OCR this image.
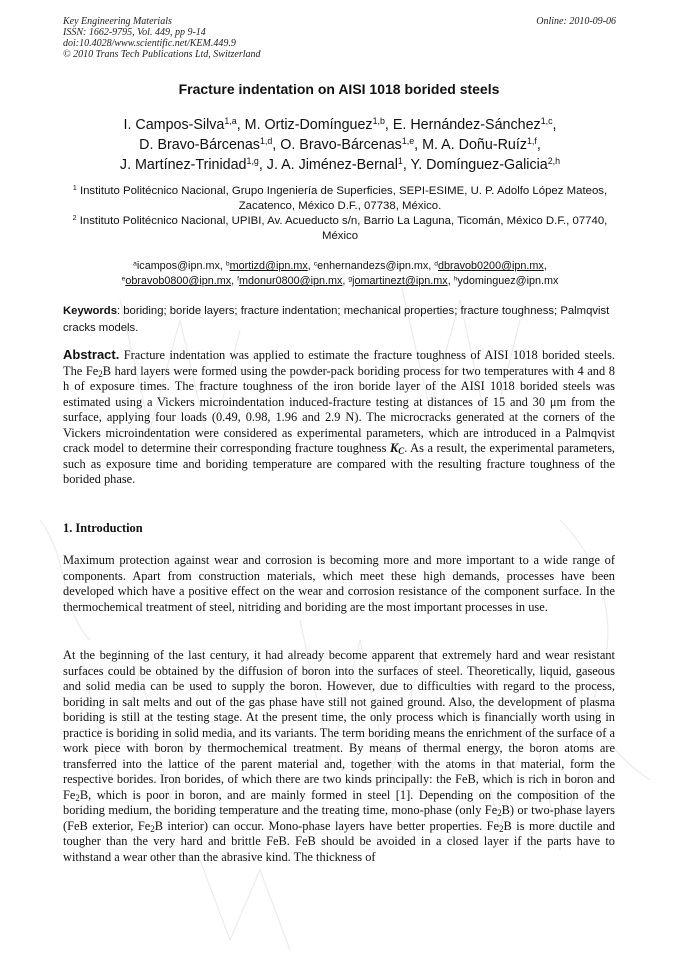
Key Engineering Materials
ISSN: 1662-9795, Vol. 449, pp 9-14
doi:10.4028/www.scientific.net/KEM.449.9
© 2010 Trans Tech Publications Ltd, Switzerland
Online: 2010-09-06
Fracture indentation on AISI 1018 borided steels
I. Campos-Silva$^{1,a}$, M. Ortiz-Domínguez$^{1,b}$, E. Hernández-Sánchez$^{1,c}$,
D. Bravo-Bárcenas$^{1,d}$, O. Bravo-Bárcenas$^{1,e}$, M. A. Doñu-Ruíz$^{1,f}$,
J. Martínez-Trinidad$^{1,g}$, J. A. Jiménez-Bernal$^1$, Y. Domínguez-Galicia$^{2,h}$
$^1$ Instituto Politécnico Nacional, Grupo Ingeniería de Superficies, SEPI-ESIME, U. P. Adolfo López Mateos, Zacatenco, México D.F., 07738, México.
$^2$ Instituto Politécnico Nacional, UPIBI, Av. Acueducto s/n, Barrio La Laguna, Ticomán, México D.F., 07740, México
$^a$icampos@ipn.mx, $^b$mortizd@ipn.mx, $^c$enhernandezs@ipn.mx, $^d$dbravob0200@ipn.mx,
$^e$obravob0800@ipn.mx, $^f$mdonur0800@ipn.mx, $^g$jomartinezt@ipn.mx, $^h$ydominguez@ipn.mx
Keywords: boriding; boride layers; fracture indentation; mechanical properties; fracture toughness; Palmqvist cracks models.

Abstract. Fracture indentation was applied to estimate the fracture toughness of AISI 1018 borided steels. The $Fe_2B$ hard layers were formed using the powder-pack boriding process for two temperatures with 4 and 8 h of exposure times. The fracture toughness of the iron boride layer of the AISI 1018 borided steels was estimated using a Vickers microindentation induced-fracture testing at distances of 15 and 30 μm from the surface, applying four loads (0.49, 0.98, 1.96 and 2.9 N). The microcracks generated at the corners of the Vickers microindentation were considered as experimental parameters, which are introduced in a Palmqvist crack model to determine their corresponding fracture toughness $K_C$. As a result, the experimental parameters, such as exposure time and boriding temperature are compared with the resulting fracture toughness of the borided phase.

1. Introduction

Maximum protection against wear and corrosion is becoming more and more important to a wide range of components. Apart from construction materials, which meet these high demands, processes have been developed which have a positive effect on the wear and corrosion resistance of the component surface. In the thermochemical treatment of steel, nitriding and boriding are the most important processes in use.

At the beginning of the last century, it had already become apparent that extremely hard and wear resistant surfaces could be obtained by the diffusion of boron into the surfaces of steel. Theoretically, liquid, gaseous and solid media can be used to supply the boron. However, due to difficulties with regard to the process, boriding in salt melts and out of the gas phase have still not gained ground. Also, the development of plasma boriding is still at the testing stage. At the present time, the only process which is financially worth using in practice is boriding in solid media, and its variants. The term boriding means the enrichment of the surface of a work piece with boron by thermochemical treatment. By means of thermal energy, the boron atoms are transferred into the lattice of the parent material and, together with the atoms in that material, form the respective borides. Iron borides, of which there are two kinds principally: the FeB, which is rich in boron and $Fe_2B$, which is poor in boron, and are mainly formed in steel [1]. Depending on the composition of the boriding medium, the boriding temperature and the treating time, mono-phase (only $Fe_2B$) or two-phase layers (FeB exterior, $Fe_2B$ interior) can occur. Mono-phase layers have better properties. $Fe_2B$ is more ductile and tougher than the very hard and brittle FeB. FeB should be avoided in a closed layer if the parts have to withstand a wear other than the abrasive kind. The thickness of
